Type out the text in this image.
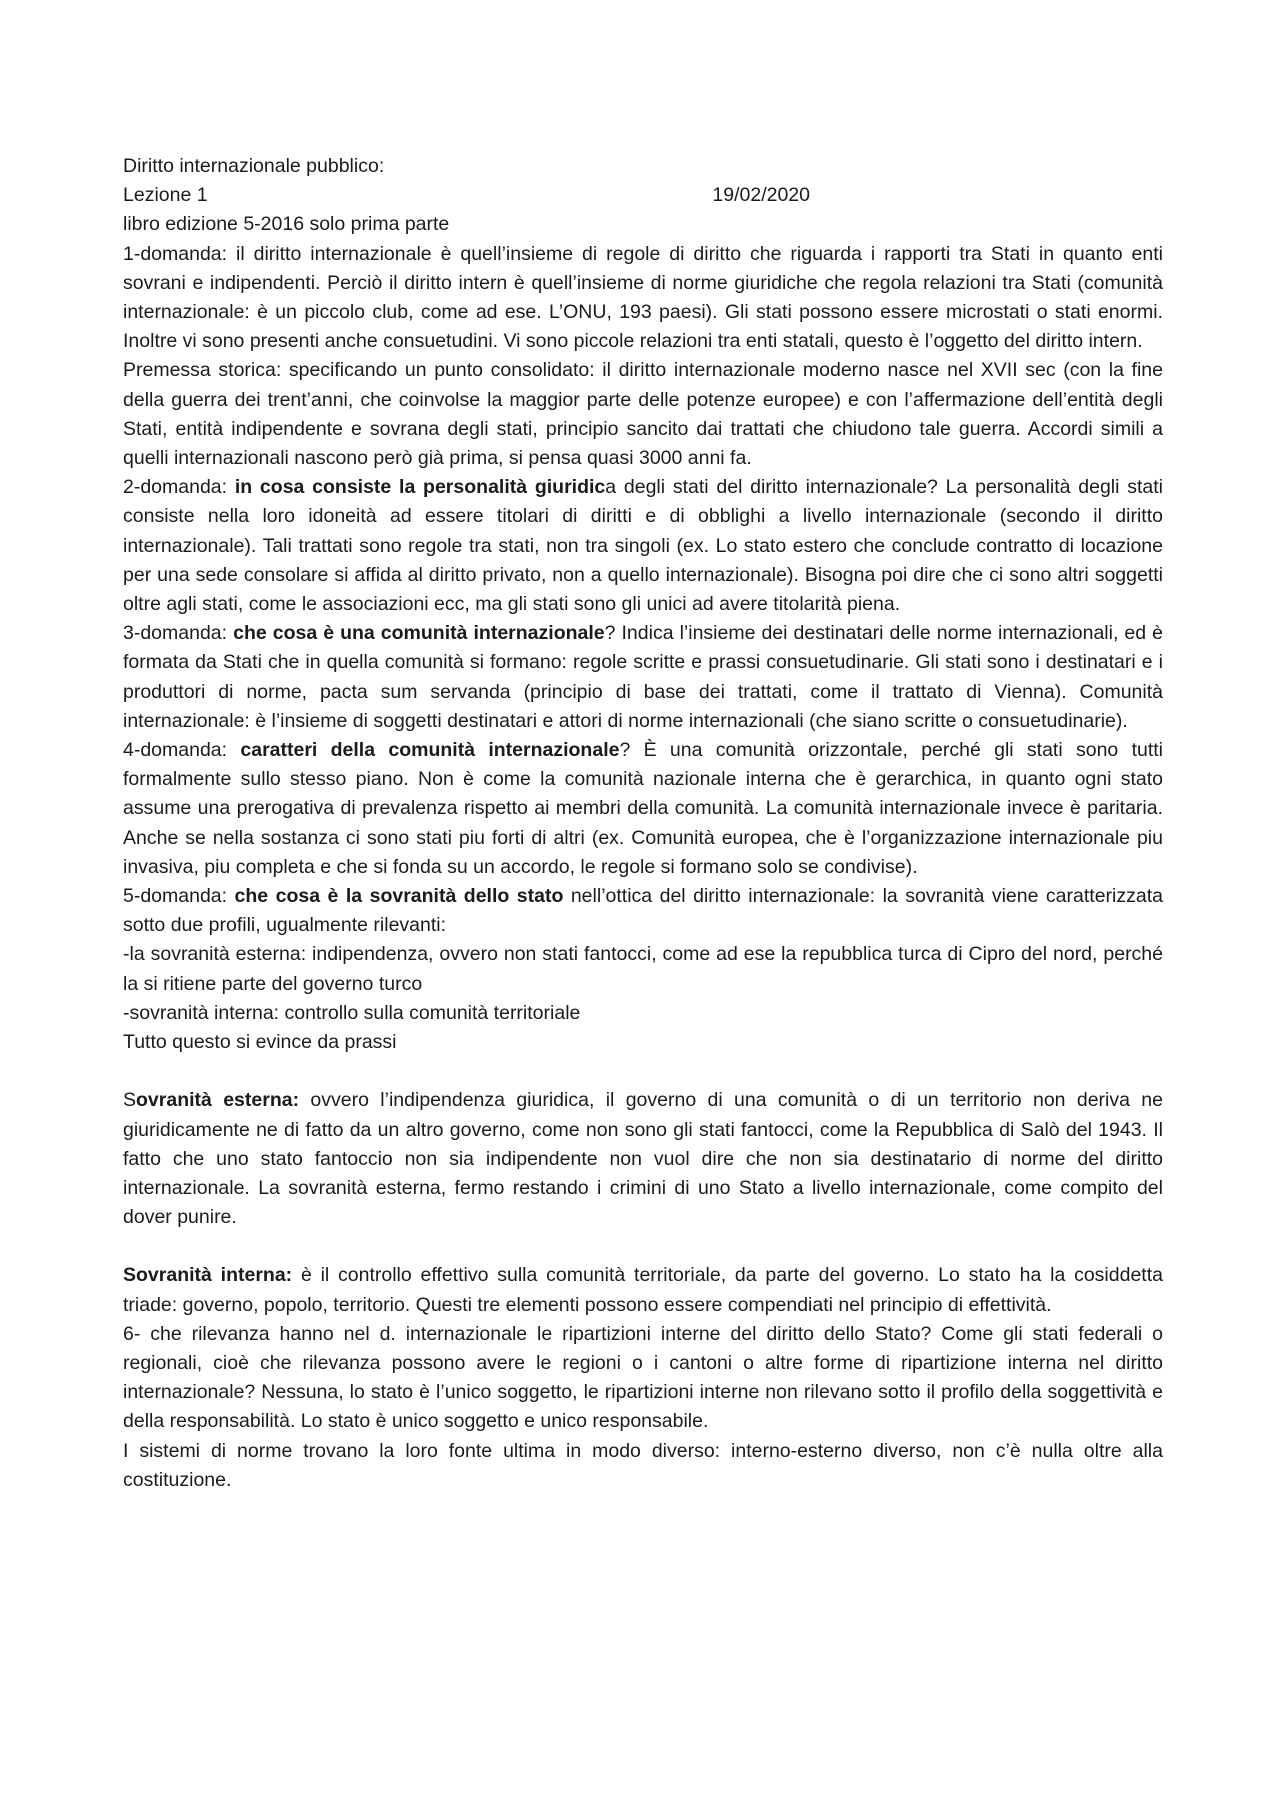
Diritto internazionale pubblico:

Lezione 1	19/02/2020

libro edizione 5-2016 solo prima parte

1-domanda: il diritto internazionale è quell’insieme di regole di diritto che riguarda i rapporti tra Stati in quanto enti sovrani e indipendenti. Perciò il diritto intern è quell’insieme di norme giuridiche che regola relazioni tra Stati (comunità internazionale: è un piccolo club, come ad ese. L’ONU, 193 paesi). Gli stati possono essere microstati o stati enormi. Inoltre vi sono presenti anche consuetudini. Vi sono piccole relazioni tra enti statali, questo è l’oggetto del diritto intern.

Premessa storica: specificando un punto consolidato: il diritto internazionale moderno nasce nel XVII sec (con la fine della guerra dei trent’anni, che coinvolse la maggior parte delle potenze europee) e con l’affermazione dell’entità degli Stati, entità indipendente e sovrana degli stati, principio sancito dai trattati che chiudono tale guerra. Accordi simili a quelli internazionali nascono però già prima, si pensa quasi 3000 anni fa.

2-domanda: in cosa consiste la personalità giuridica degli stati del diritto internazionale? La personalità degli stati consiste nella loro idoneità ad essere titolari di diritti e di obblighi a livello internazionale (secondo il diritto internazionale). Tali trattati sono regole tra stati, non tra singoli (ex. Lo stato estero che conclude contratto di locazione per una sede consolare si affida al diritto privato, non a quello internazionale). Bisogna poi dire che ci sono altri soggetti oltre agli stati, come le associazioni ecc, ma gli stati sono gli unici ad avere titolarità piena.

3-domanda: che cosa è una comunità internazionale? Indica l’insieme dei destinatari delle norme internazionali, ed è formata da Stati che in quella comunità si formano: regole scritte e prassi consuetudinarie. Gli stati sono i destinatari e i produttori di norme, pacta sum servanda (principio di base dei trattati, come il trattato di Vienna). Comunità internazionale: è l’insieme di soggetti destinatari e attori di norme internazionali (che siano scritte o consuetudinarie).

4-domanda: caratteri della comunità internazionale? È una comunità orizzontale, perché gli stati sono tutti formalmente sullo stesso piano. Non è come la comunità nazionale interna che è gerarchica, in quanto ogni stato assume una prerogativa di prevalenza rispetto ai membri della comunità. La comunità internazionale invece è paritaria. Anche se nella sostanza ci sono stati piu forti di altri (ex. Comunità europea, che è l’organizzazione internazionale piu invasiva, piu completa e che si fonda su un accordo, le regole si formano solo se condivise).

5-domanda: che cosa è la sovranità dello stato nell’ottica del diritto internazionale: la sovranità viene caratterizzata sotto due profili, ugualmente rilevanti:

-la sovranità esterna: indipendenza, ovvero non stati fantocci, come ad ese la repubblica turca di Cipro del nord, perché la si ritiene parte del governo turco

-sovranità interna: controllo sulla comunità territoriale

Tutto questo si evince da prassi

Sovranità esterna: ovvero l’indipendenza giuridica, il governo di una comunità o di un territorio non deriva ne giuridicamente ne di fatto da un altro governo, come non sono gli stati fantocci, come la Repubblica di Salò del 1943. Il fatto che uno stato fantoccio non sia indipendente non vuol dire che non sia destinatario di norme del diritto internazionale. La sovranità esterna, fermo restando i crimini di uno Stato a livello internazionale, come compito del dover punire.

Sovranità interna: è il controllo effettivo sulla comunità territoriale, da parte del governo. Lo stato ha la cosiddetta triade: governo, popolo, territorio. Questi tre elementi possono essere compendiati nel principio di effettività.

6- che rilevanza hanno nel d. internazionale le ripartizioni interne del diritto dello Stato? Come gli stati federali o regionali, cioè che rilevanza possono avere le regioni o i cantoni o altre forme di ripartizione interna nel diritto internazionale? Nessuna, lo stato è l’unico soggetto, le ripartizioni interne non rilevano sotto il profilo della soggettività e della responsabilità. Lo stato è unico soggetto e unico responsabile.

I sistemi di norme trovano la loro fonte ultima in modo diverso: interno-esterno diverso, non c’è nulla oltre alla costituzione.
